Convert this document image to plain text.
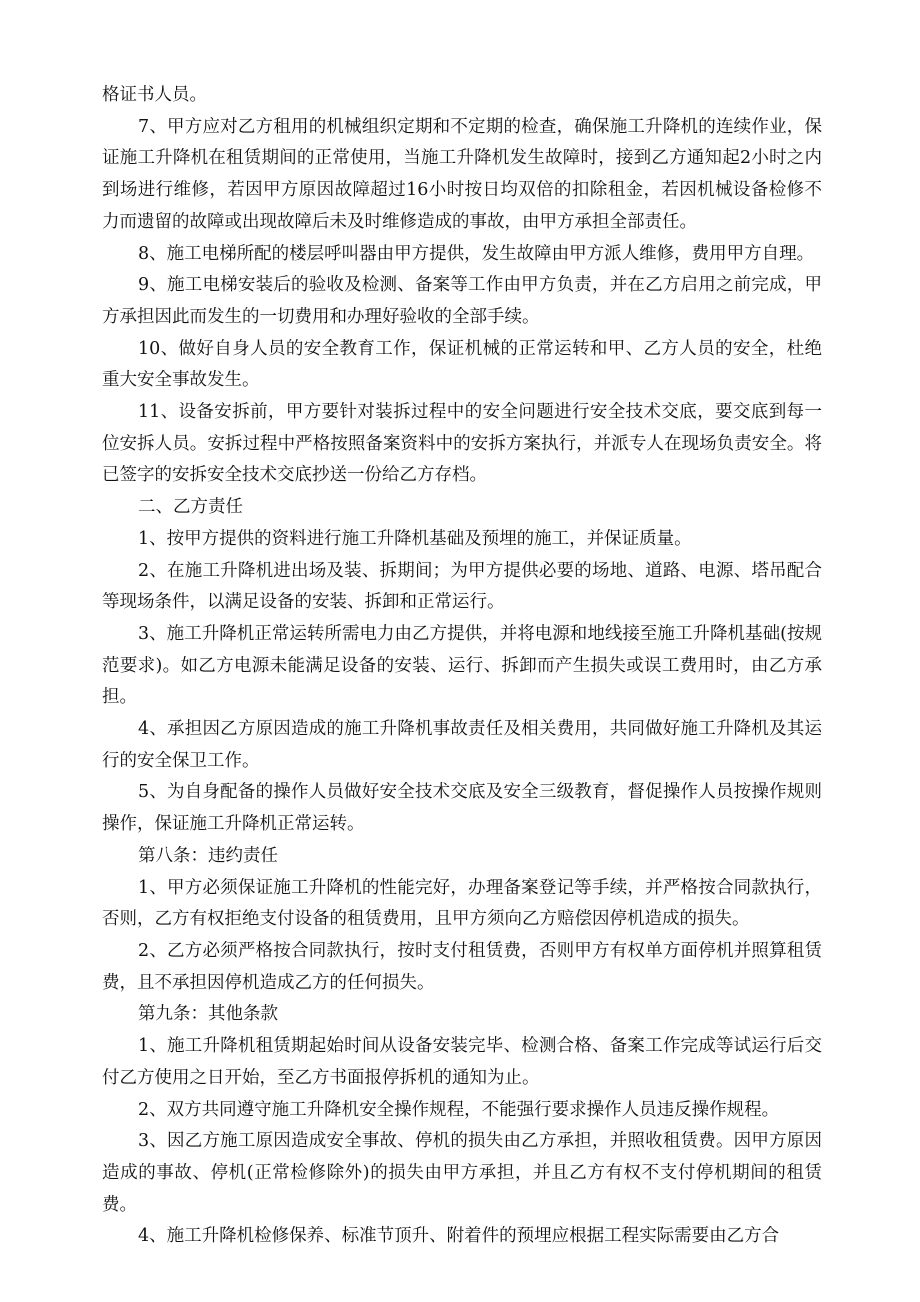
格证书人员。

7、甲方应对乙方租用的机械组织定期和不定期的检查，确保施工升降机的连续作业，保证施工升降机在租赁期间的正常使用，当施工升降机发生故障时，接到乙方通知起2小时之内到场进行维修，若因甲方原因故障超过16小时按日均双倍的扣除租金，若因机械设备检修不力而遗留的故障或出现故障后未及时维修造成的事故，由甲方承担全部责任。

8、施工电梯所配的楼层呼叫器由甲方提供，发生故障由甲方派人维修，费用甲方自理。

9、施工电梯安装后的验收及检测、备案等工作由甲方负责，并在乙方启用之前完成，甲方承担因此而发生的一切费用和办理好验收的全部手续。

10、做好自身人员的安全教育工作，保证机械的正常运转和甲、乙方人员的安全，杜绝重大安全事故发生。

11、设备安拆前，甲方要针对装拆过程中的安全问题进行安全技术交底，要交底到每一位安拆人员。安拆过程中严格按照备案资料中的安拆方案执行，并派专人在现场负责安全。将已签字的安拆安全技术交底抄送一份给乙方存档。

二、乙方责任

1、按甲方提供的资料进行施工升降机基础及预埋的施工，并保证质量。

2、在施工升降机进出场及装、拆期间；为甲方提供必要的场地、道路、电源、塔吊配合等现场条件，以满足设备的安装、拆卸和正常运行。

3、施工升降机正常运转所需电力由乙方提供，并将电源和地线接至施工升降机基础(按规范要求)。如乙方电源未能满足设备的安装、运行、拆卸而产生损失或误工费用时，由乙方承担。

4、承担因乙方原因造成的施工升降机事故责任及相关费用，共同做好施工升降机及其运行的安全保卫工作。

5、为自身配备的操作人员做好安全技术交底及安全三级教育，督促操作人员按操作规则操作，保证施工升降机正常运转。

第八条：违约责任

1、甲方必须保证施工升降机的性能完好，办理备案登记等手续，并严格按合同款执行，否则，乙方有权拒绝支付设备的租赁费用，且甲方须向乙方赔偿因停机造成的损失。

2、乙方必须严格按合同款执行，按时支付租赁费，否则甲方有权单方面停机并照算租赁费，且不承担因停机造成乙方的任何损失。

第九条：其他条款

1、施工升降机租赁期起始时间从设备安装完毕、检测合格、备案工作完成等试运行后交付乙方使用之日开始，至乙方书面报停拆机的通知为止。

2、双方共同遵守施工升降机安全操作规程，不能强行要求操作人员违反操作规程。

3、因乙方施工原因造成安全事故、停机的损失由乙方承担，并照收租赁费。因甲方原因造成的事故、停机(正常检修除外)的损失由甲方承担，并且乙方有权不支付停机期间的租赁费。

4、施工升降机检修保养、标准节顶升、附着件的预埋应根据工程实际需要由乙方合
